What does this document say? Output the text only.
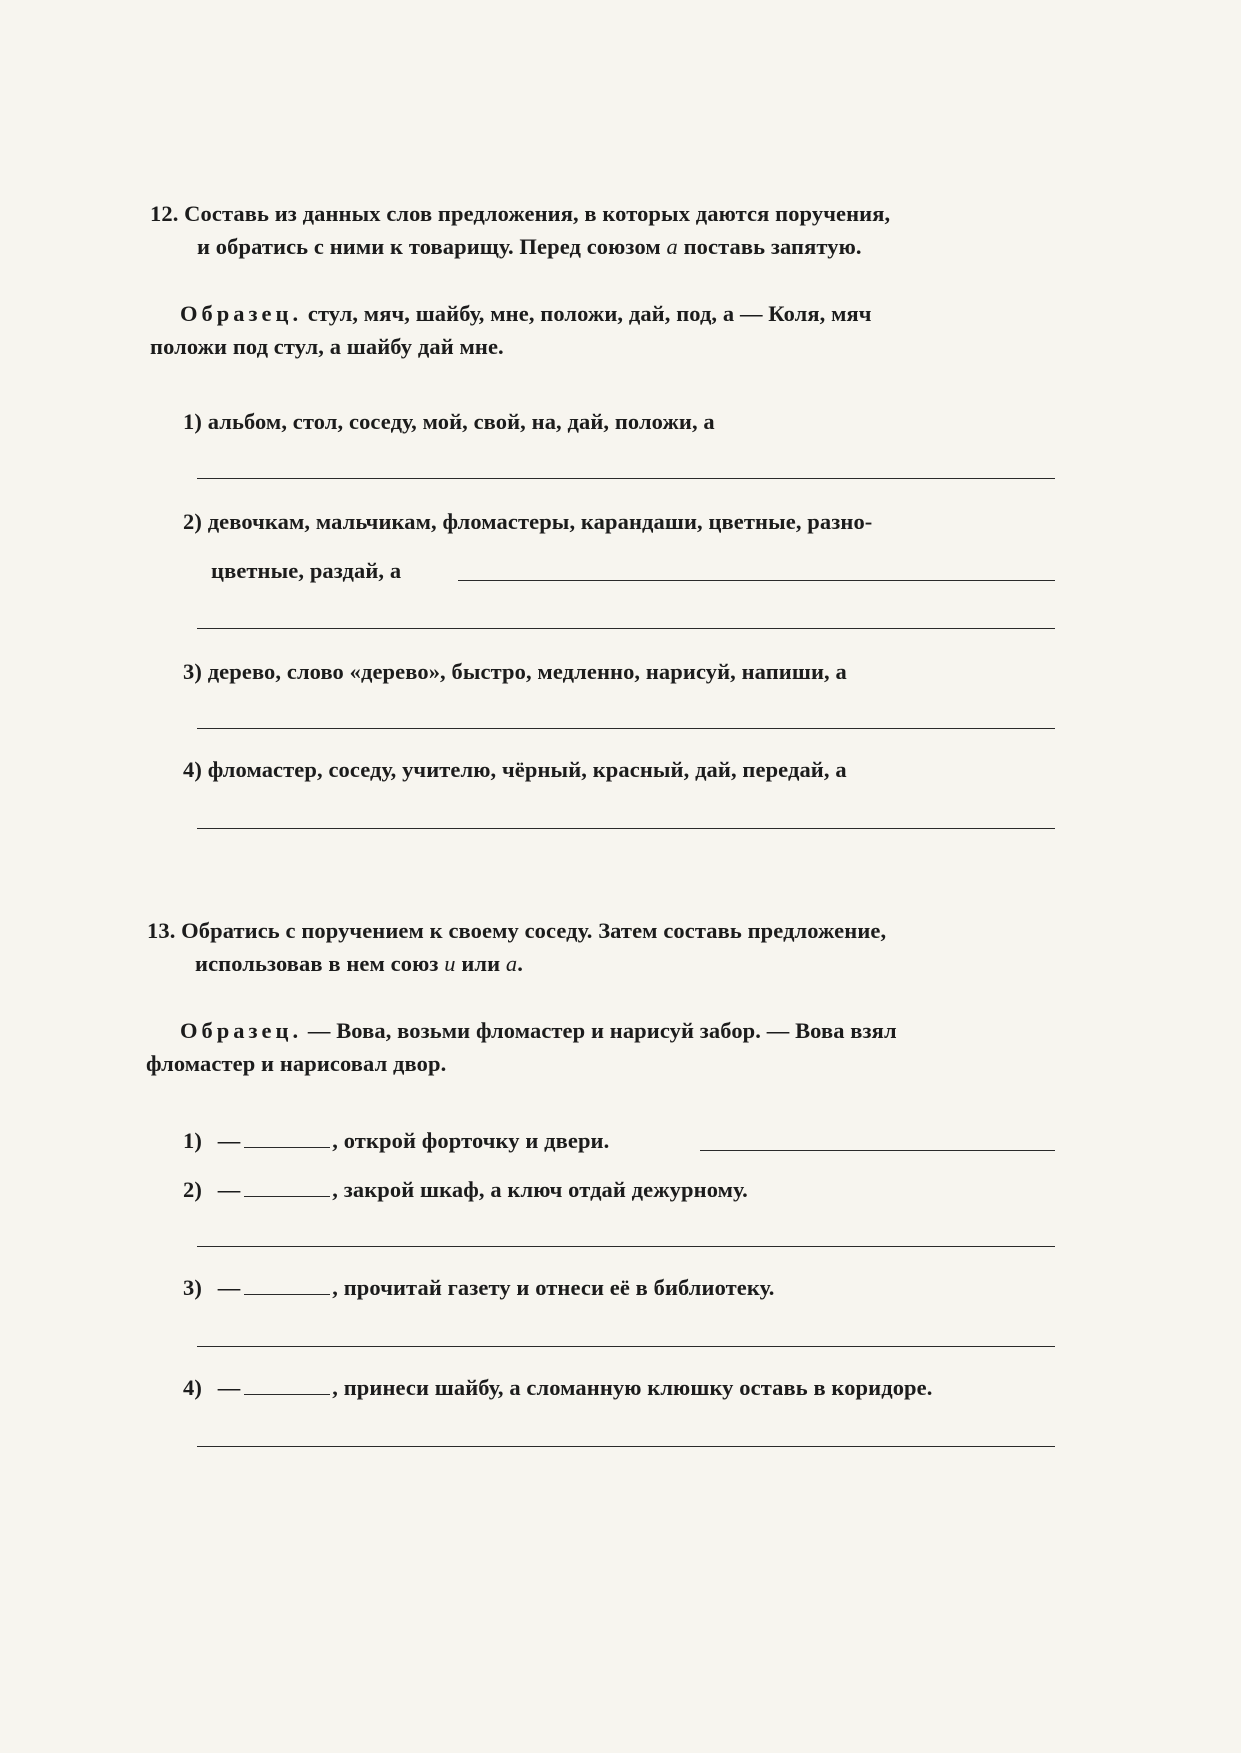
12. Составь из данных слов предложения, в которых даются поручения,
и обратись с ними к товарищу. Перед союзом а поставь запятую.
Образец. стул, мяч, шайбу, мне, положи, дай, под, а — Коля, мяч
положи под стул, а шайбу дай мне.
1) альбом, стол, соседу, мой, свой, на, дай, положи, а
2) девочкам, мальчикам, фломастеры, карандаши, цветные, разно-
цветные, раздай, а
3) дерево, слово «дерево», быстро, медленно, нарисуй, напиши, а
4) фломастер, соседу, учителю, чёрный, красный, дай, передай, а
13. Обратись с поручением к своему соседу. Затем составь предложение,
использовав в нем союз и или а.
Образец. — Вова, возьми фломастер и нарисуй забор. — Вова взял
фломастер и нарисовал двор.
1) —	, открой форточку и двери.
2) —	, закрой шкаф, а ключ отдай дежурному.
3) —	, прочитай газету и отнеси её в библиотеку.
4) —	, принеси шайбу, а сломанную клюшку оставь в коридоре.
